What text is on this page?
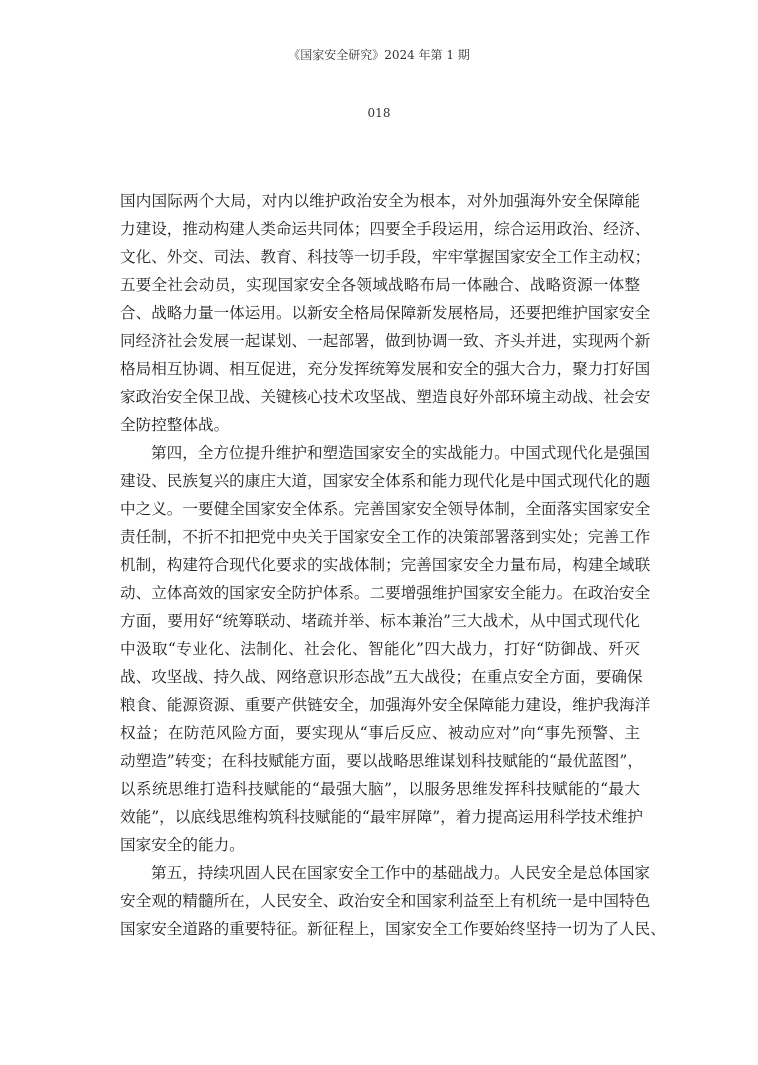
《国家安全研究》2024 年第 1 期
018
国内国际两个大局，对内以维护政治安全为根本，对外加强海外安全保障能
力建设，推动构建人类命运共同体；四要全手段运用，综合运用政治、经济、
文化、外交、司法、教育、科技等一切手段，牢牢掌握国家安全工作主动权；
五要全社会动员，实现国家安全各领域战略布局一体融合、战略资源一体整
合、战略力量一体运用。以新安全格局保障新发展格局，还要把维护国家安全
同经济社会发展一起谋划、一起部署，做到协调一致、齐头并进，实现两个新
格局相互协调、相互促进，充分发挥统筹发展和安全的强大合力，聚力打好国
家政治安全保卫战、关键核心技术攻坚战、塑造良好外部环境主动战、社会安
全防控整体战。
第四，全方位提升维护和塑造国家安全的实战能力。中国式现代化是强国
建设、民族复兴的康庄大道，国家安全体系和能力现代化是中国式现代化的题
中之义。一要健全国家安全体系。完善国家安全领导体制，全面落实国家安全
责任制，不折不扣把党中央关于国家安全工作的决策部署落到实处；完善工作
机制，构建符合现代化要求的实战体制；完善国家安全力量布局，构建全域联
动、立体高效的国家安全防护体系。二要增强维护国家安全能力。在政治安全
方面，要用好“统筹联动、堵疏并举、标本兼治”三大战术，从中国式现代化
中汲取“专业化、法制化、社会化、智能化”四大战力，打好“防御战、歼灭
战、攻坚战、持久战、网络意识形态战”五大战役；在重点安全方面，要确保
粮食、能源资源、重要产供链安全，加强海外安全保障能力建设，维护我海洋
权益；在防范风险方面，要实现从“事后反应、被动应对”向“事先预警、主
动塑造”转变；在科技赋能方面，要以战略思维谋划科技赋能的“最优蓝图”，
以系统思维打造科技赋能的“最强大脑”，以服务思维发挥科技赋能的“最大
效能”，以底线思维构筑科技赋能的“最牢屏障”，着力提高运用科学技术维护
国家安全的能力。
第五，持续巩固人民在国家安全工作中的基础战力。人民安全是总体国家
安全观的精髓所在，人民安全、政治安全和国家利益至上有机统一是中国特色
国家安全道路的重要特征。新征程上，国家安全工作要始终坚持一切为了人民、
